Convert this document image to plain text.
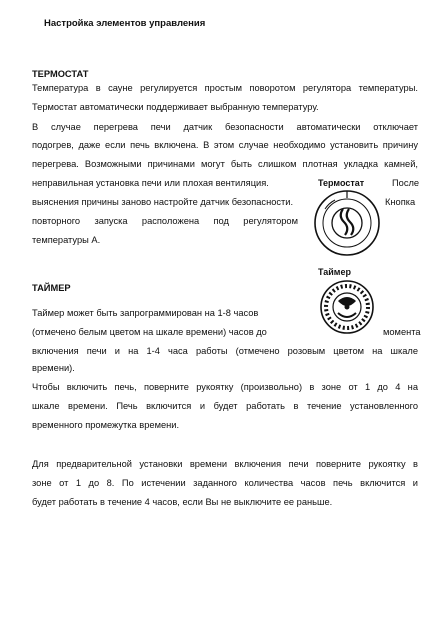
Настройка элементов управления
ТЕРМОСТАТ
Температура в сауне регулируется простым поворотом регулятора температуры.
Термостат автоматически поддерживает выбранную температуру.
В случае перегрева печи датчик безопасности автоматически отключает
подогрев, даже если печь включена. В этом случае необходимо установить причину
перегрева. Возможными причинами могут быть слишком плотная укладка камней,
неправильная установка печи или плохая вентиляция.	Термостат	После
выяснения причины заново настройте датчик безопасности.	Кнопка
повторного запуска расположена под регулятором
температуры A.
Таймер
ТАЙМЕР
Таймер может быть запрограммирован на 1-8 часов
(отмечено белым цветом на шкале времени) часов до	момента
включения печи и на 1-4 часа работы (отмечено розовым цветом на шкале
времени).
Чтобы включить печь, поверните рукоятку (произвольно) в зоне от 1 до 4 на
шкале времени. Печь включится и будет работать в течение установленного
временного промежутка времени.
Для предварительной установки времени включения печи поверните рукоятку в
зоне от 1 до 8. По истечении заданного количества часов печь включится и
будет работать в течение 4 часов, если Вы не выключите ее раньше.
